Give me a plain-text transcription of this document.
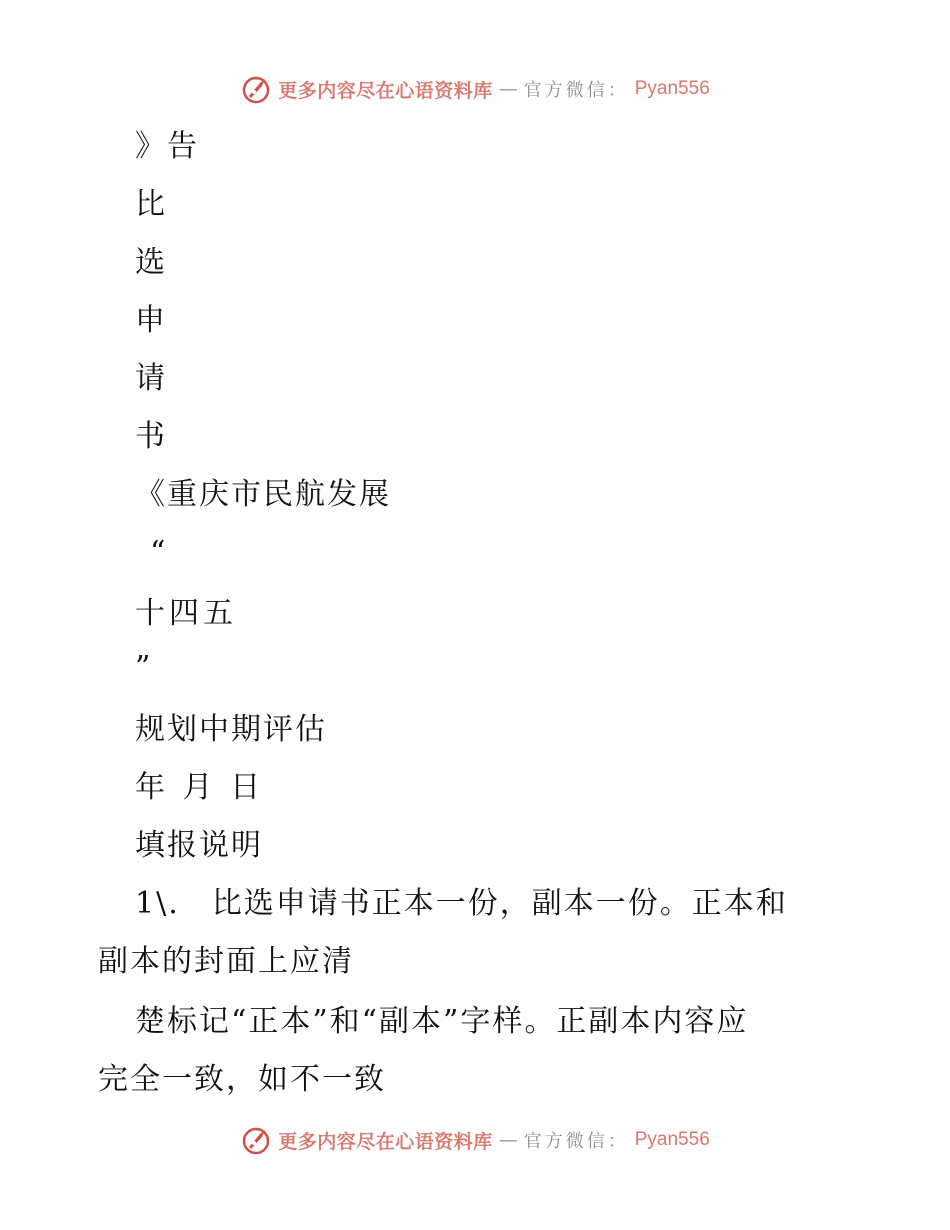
更多内容尽在心语资料库 — 官方微信： Pyan556
》告
比
选
申
请
书
《重庆市民航发展
“
十四五
”
规划中期评估
年 月 日
填报说明
1\.　比选申请书正本一份，副本一份。正本和
副本的封面上应清
楚标记“正本”和“副本”字样。正副本内容应
完全一致，如不一致
更多内容尽在心语资料库 — 官方微信： Pyan556
